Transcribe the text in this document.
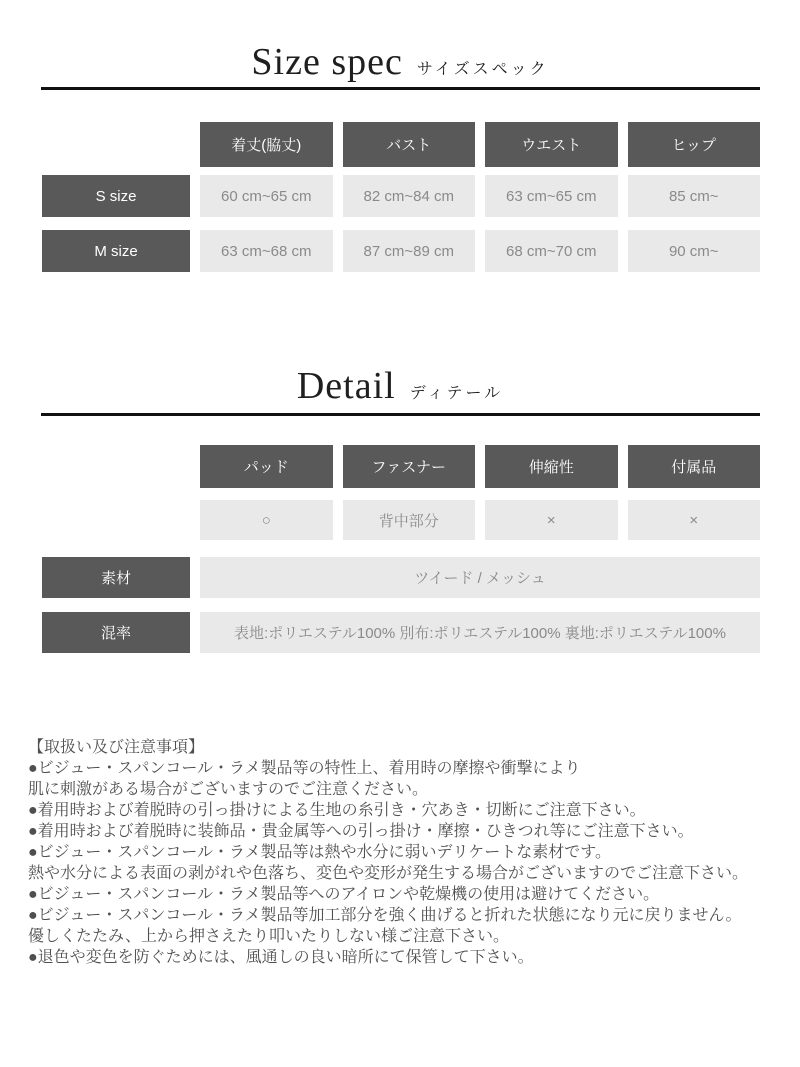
Size spec サイズスペック
着丈(脇丈)	バスト	ウエスト	ヒップ
S size	60 cm~65 cm	82 cm~84 cm	63 cm~65 cm	85 cm~
M size	63 cm~68 cm	87 cm~89 cm	68 cm~70 cm	90 cm~
Detail ディテール
パッド	ファスナー	伸縮性	付属品
○	背中部分	×	×
素材	ツイード / メッシュ
混率	表地:ポリエステル100% 別布:ポリエステル100% 裏地:ポリエステル100%
【取扱い及び注意事項】
●ビジュー・スパンコール・ラメ製品等の特性上、着用時の摩擦や衝撃により
肌に刺激がある場合がございますのでご注意ください。
●着用時および着脱時の引っ掛けによる生地の糸引き・穴あき・切断にご注意下さい。
●着用時および着脱時に装飾品・貴金属等への引っ掛け・摩擦・ひきつれ等にご注意下さい。
●ビジュー・スパンコール・ラメ製品等は熱や水分に弱いデリケートな素材です。
熱や水分による表面の剥がれや色落ち、変色や変形が発生する場合がございますのでご注意下さい。
●ビジュー・スパンコール・ラメ製品等へのアイロンや乾燥機の使用は避けてください。
●ビジュー・スパンコール・ラメ製品等加工部分を強く曲げると折れた状態になり元に戻りません。
優しくたたみ、上から押さえたり叩いたりしない様ご注意下さい。
●退色や変色を防ぐためには、風通しの良い暗所にて保管して下さい。
